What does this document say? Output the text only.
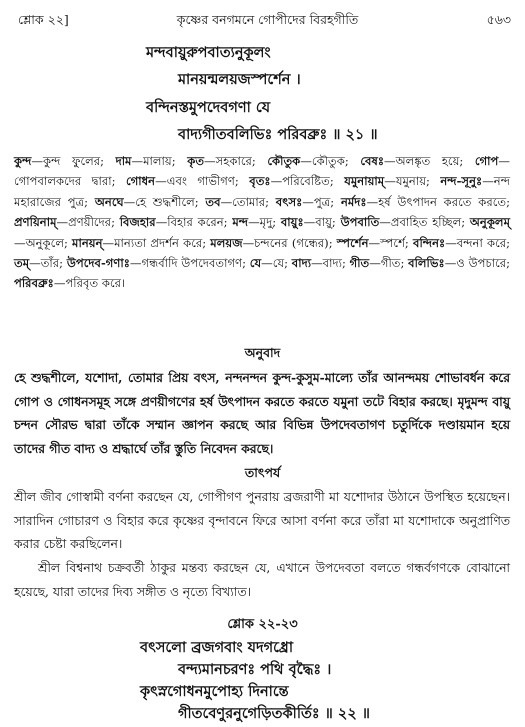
শ্লোক ২২]	কৃষ্ণের বনগমনে গোপীদের বিরহগীতি	৫৬৩
মন্দবায়ুরুপবাত্যনুকূলং
মানয়ন্মলয়জস্পর্শেন ।
বন্দিনস্তমুপদেবগণা যে
বাদ্যগীতবলিভিঃ পরিবব্রুঃ ॥ ২১ ॥
কুন্দ—কুন্দ ফুলের; দাম—মালায়; কৃত—সহকারে; কৌতুক—কৌতুক; বেষঃ—অলঙ্কৃত হয়ে; গোপ—গোপবালকদের দ্বারা; গোধন—এবং গাভীগণ; বৃতঃ—পরিবেষ্টিত; যমুনায়াম্—যমুনায়; নন্দ-সূনুঃ—নন্দ মহারাজের পুত্র; অনঘে—হে শুদ্ধশীলে; তব—তোমার; বৎসঃ—পুত্র; নর্মদঃ—হর্ষ উৎপাদন করতে করতে; প্রণয়িনাম্—প্রণয়ীদের; বিজহার—বিহার করেন; মন্দ—মৃদু; বায়ুঃ—বায়ু; উপবাতি—প্রবাহিত হচ্ছিল; অনুকূলম্—অনুকূলে; মানয়ন্—মান্যতা প্রদর্শন করে; মলয়জ—চন্দনের (গন্ধের); স্পর্শেন—স্পর্শে; বন্দিনঃ—বন্দনা করে; তম্—তাঁর; উপদেব-গণাঃ—গন্ধর্বাদি উপদেবতাগণ; যে—যে; বাদ্য—বাদ্য; গীত—গীত; বলিভিঃ—ও উপচারে; পরিবব্রুঃ—পরিবৃত করে।
অনুবাদ
হে শুদ্ধশীলে, যশোদা, তোমার প্রিয় বৎস, নন্দনন্দন কুন্দ-কুসুম-মাল্যে তাঁর আনন্দময় শোভাবর্ধন করে গোপ ও গোধনসমূহ সঙ্গে প্রণয়ীগণের হর্ষ উৎপাদন করতে করতে যমুনা তটে বিহার করছে। মৃদুমন্দ বায়ু চন্দন সৌরভ দ্বারা তাঁকে সম্মান জ্ঞাপন করছে আর বিভিন্ন উপদেবতাগণ চতুর্দিকে দণ্ডায়মান হয়ে তাদের গীত বাদ্য ও শ্রদ্ধার্ঘে তাঁর স্তুতি নিবেদন করছে।
তাৎপর্য
শ্রীল জীব গোস্বামী বর্ণনা করছেন যে, গোপীগণ পুনরায় ব্রজরাণী মা যশোদার উঠানে উপস্থিত হয়েছেন। সারাদিন গোচারণ ও বিহার করে কৃষ্ণের বৃন্দাবনে ফিরে আসা বর্ণনা করে তাঁরা মা যশোদাকে অনুপ্রাণিত করার চেষ্টা করছিলেন।
শ্রীল বিশ্বনাথ চক্রবর্তী ঠাকুর মন্তব্য করছেন যে, এখানে উপদেবতা বলতে গন্ধর্বগণকে বোঝানো হয়েছে, যারা তাদের দিব্য সঙ্গীত ও নৃত্যে বিখ্যাত।
শ্লোক ২২-২৩
বৎসলো ব্রজগবাং যদগধ্রো
বন্দ্যমানচরণঃ পথি বৃদ্ধৈঃ ।
কৃৎস্নগোধনমুপোহ্য দিনান্তে
গীতবেণুরনুগেড়িতকীর্তিঃ ॥ ২২ ॥
